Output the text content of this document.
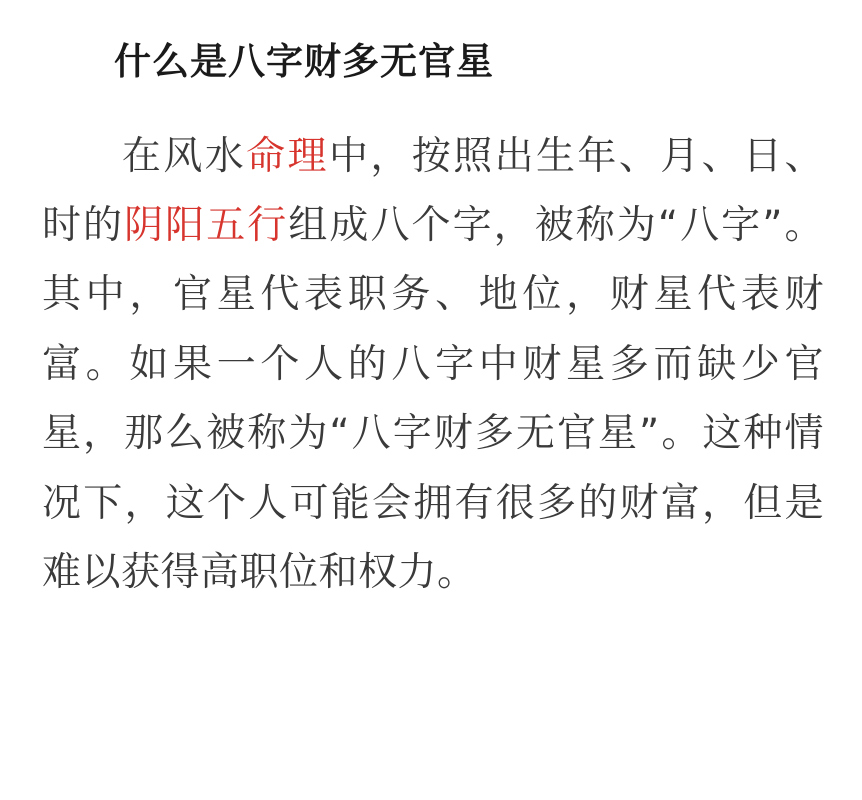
什么是八字财多无官星

在风水命理中，按照出生年、月、日、时的阴阳五行组成八个字，被称为“八字”。其中，官星代表职务、地位，财星代表财富。如果一个人的八字中财星多而缺少官星，那么被称为“八字财多无官星”。这种情况下，这个人可能会拥有很多的财富，但是难以获得高职位和权力。
